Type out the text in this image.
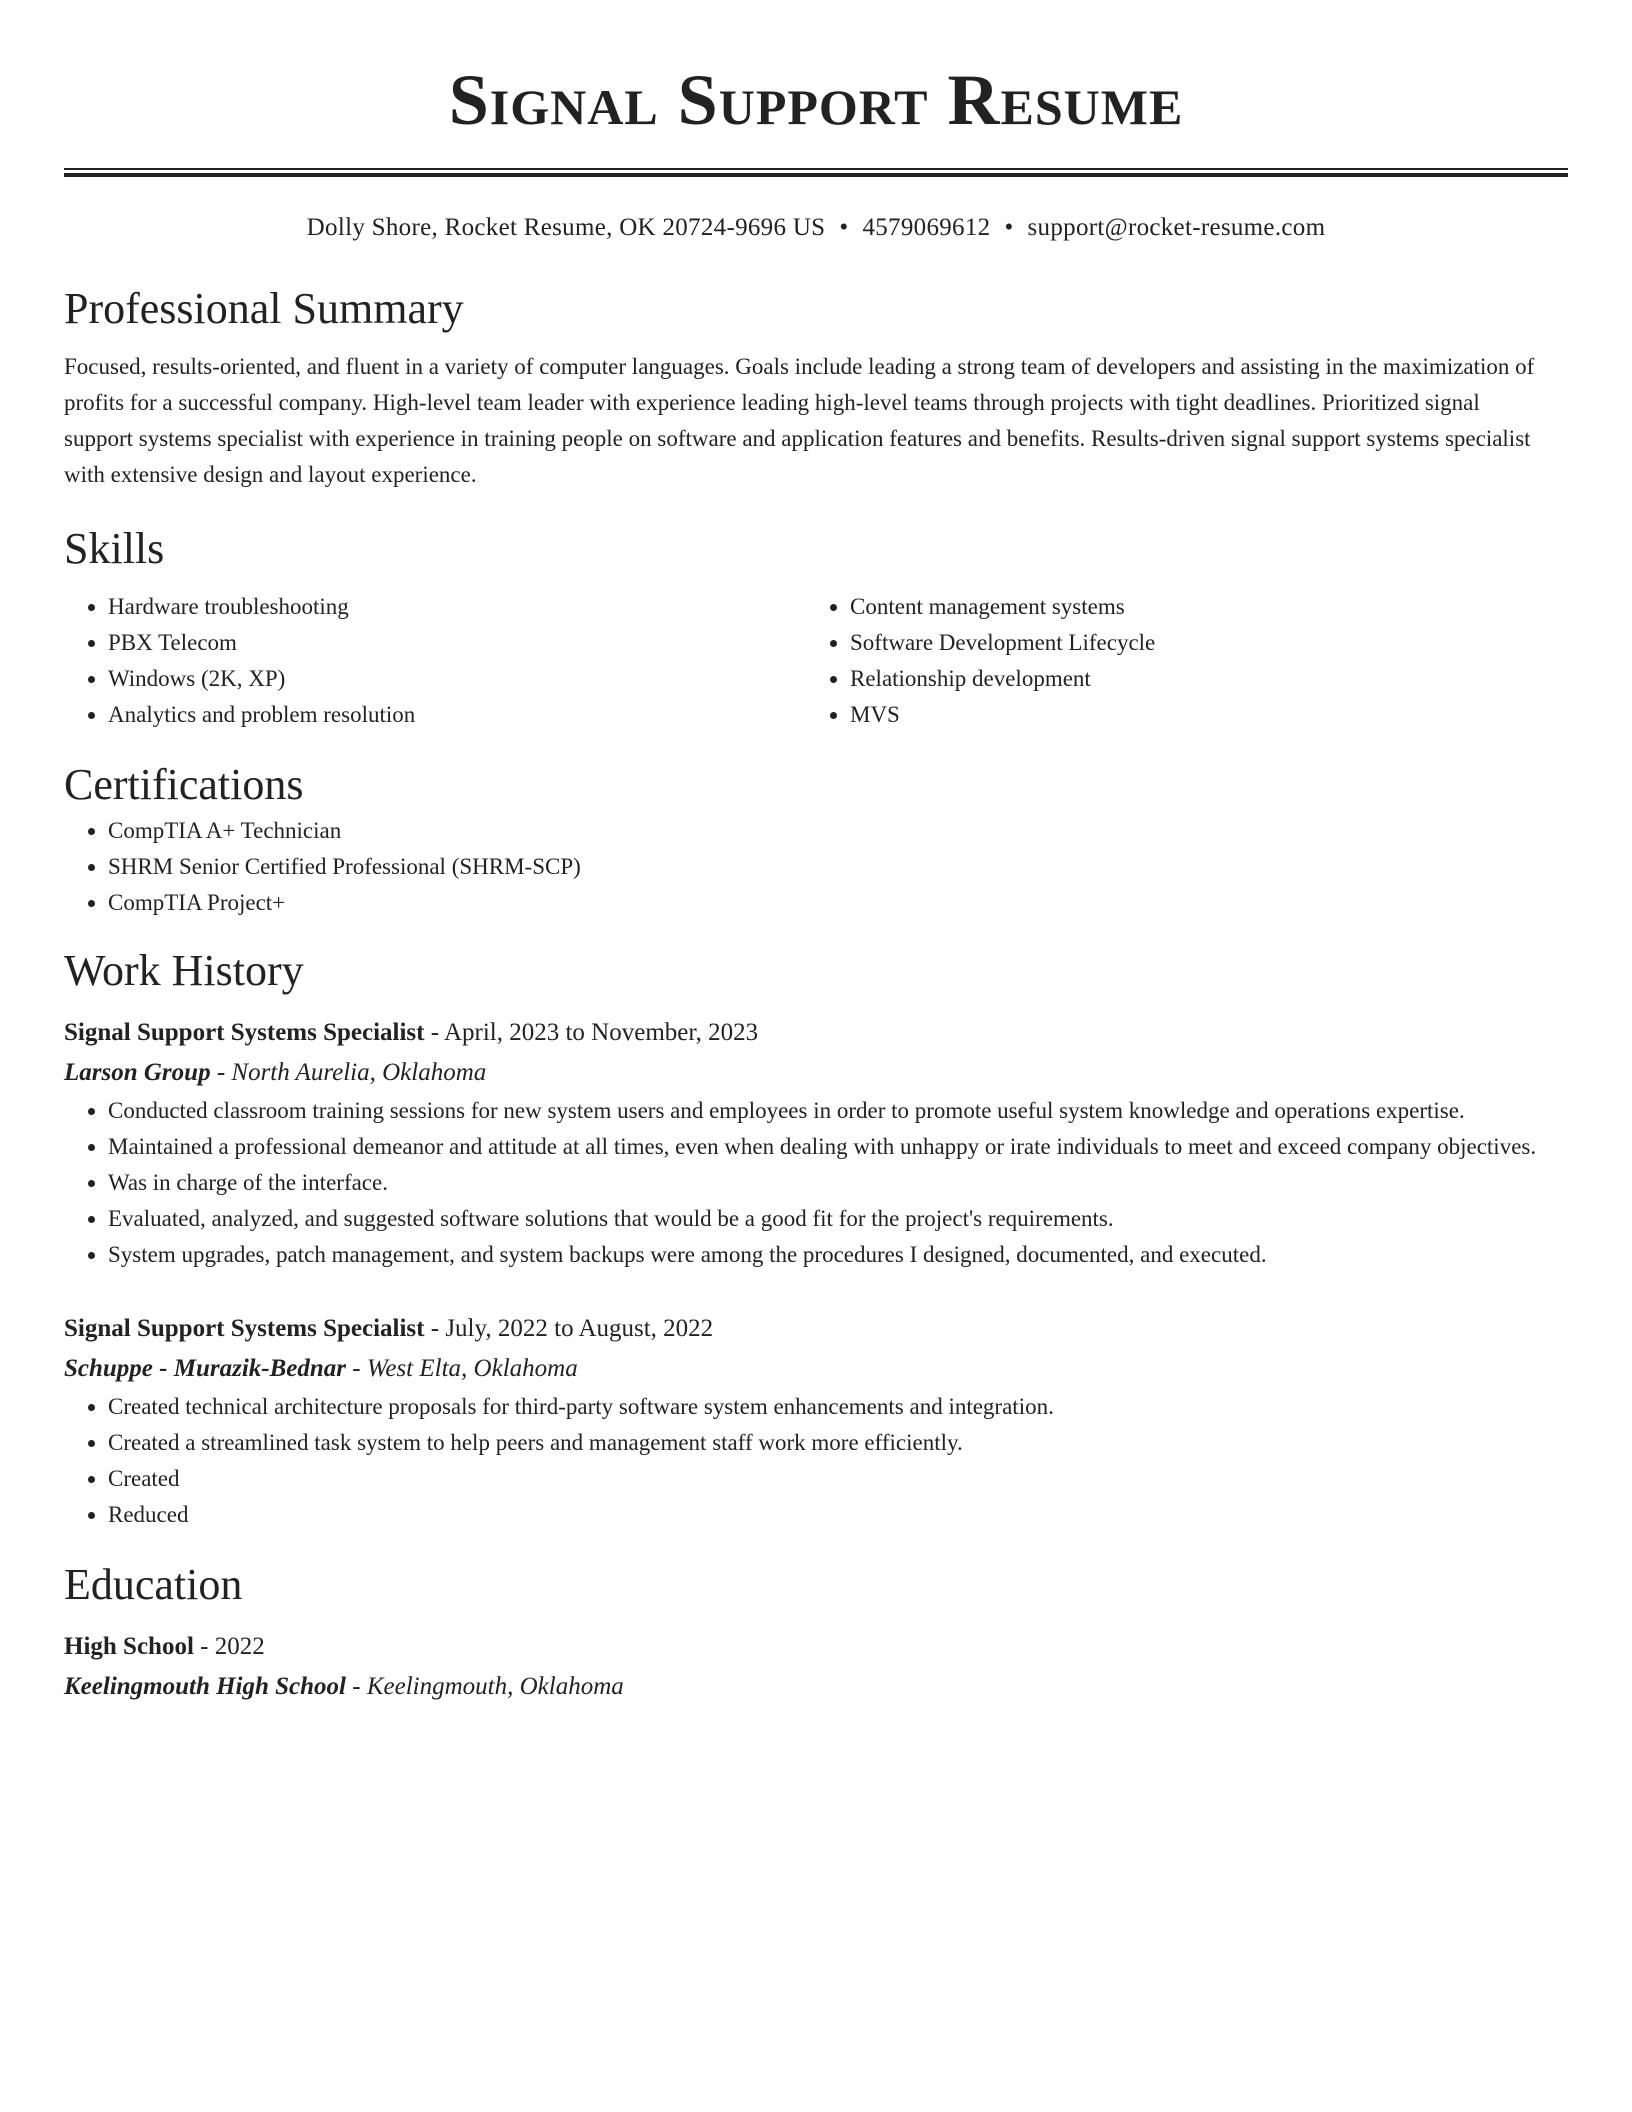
Signal Support Resume
Dolly Shore, Rocket Resume, OK 20724-9696 US • 4579069612 • support@rocket-resume.com
Professional Summary

Focused, results-oriented, and fluent in a variety of computer languages. Goals include leading a strong team of developers and assisting in the maximization of profits for a successful company. High-level team leader with experience leading high-level teams through projects with tight deadlines. Prioritized signal support systems specialist with experience in training people on software and application features and benefits. Results-driven signal support systems specialist with extensive design and layout experience.

Skills
• Hardware troubleshooting
• PBX Telecom
• Windows (2K, XP)
• Analytics and problem resolution
• Content management systems
• Software Development Lifecycle
• Relationship development
• MVS
Certifications
• CompTIA A+ Technician
• SHRM Senior Certified Professional (SHRM-SCP)
• CompTIA Project+
Work History
Signal Support Systems Specialist - April, 2023 to November, 2023
Larson Group - North Aurelia, Oklahoma
• Conducted classroom training sessions for new system users and employees in order to promote useful system knowledge and operations expertise.
• Maintained a professional demeanor and attitude at all times, even when dealing with unhappy or irate individuals to meet and exceed company objectives.
• Was in charge of the interface.
• Evaluated, analyzed, and suggested software solutions that would be a good fit for the project's requirements.
• System upgrades, patch management, and system backups were among the procedures I designed, documented, and executed.
Signal Support Systems Specialist - July, 2022 to August, 2022
Schuppe - Murazik-Bednar - West Elta, Oklahoma
• Created technical architecture proposals for third-party software system enhancements and integration.
• Created a streamlined task system to help peers and management staff work more efficiently.
• Created
• Reduced
Education
High School - 2022
Keelingmouth High School - Keelingmouth, Oklahoma
